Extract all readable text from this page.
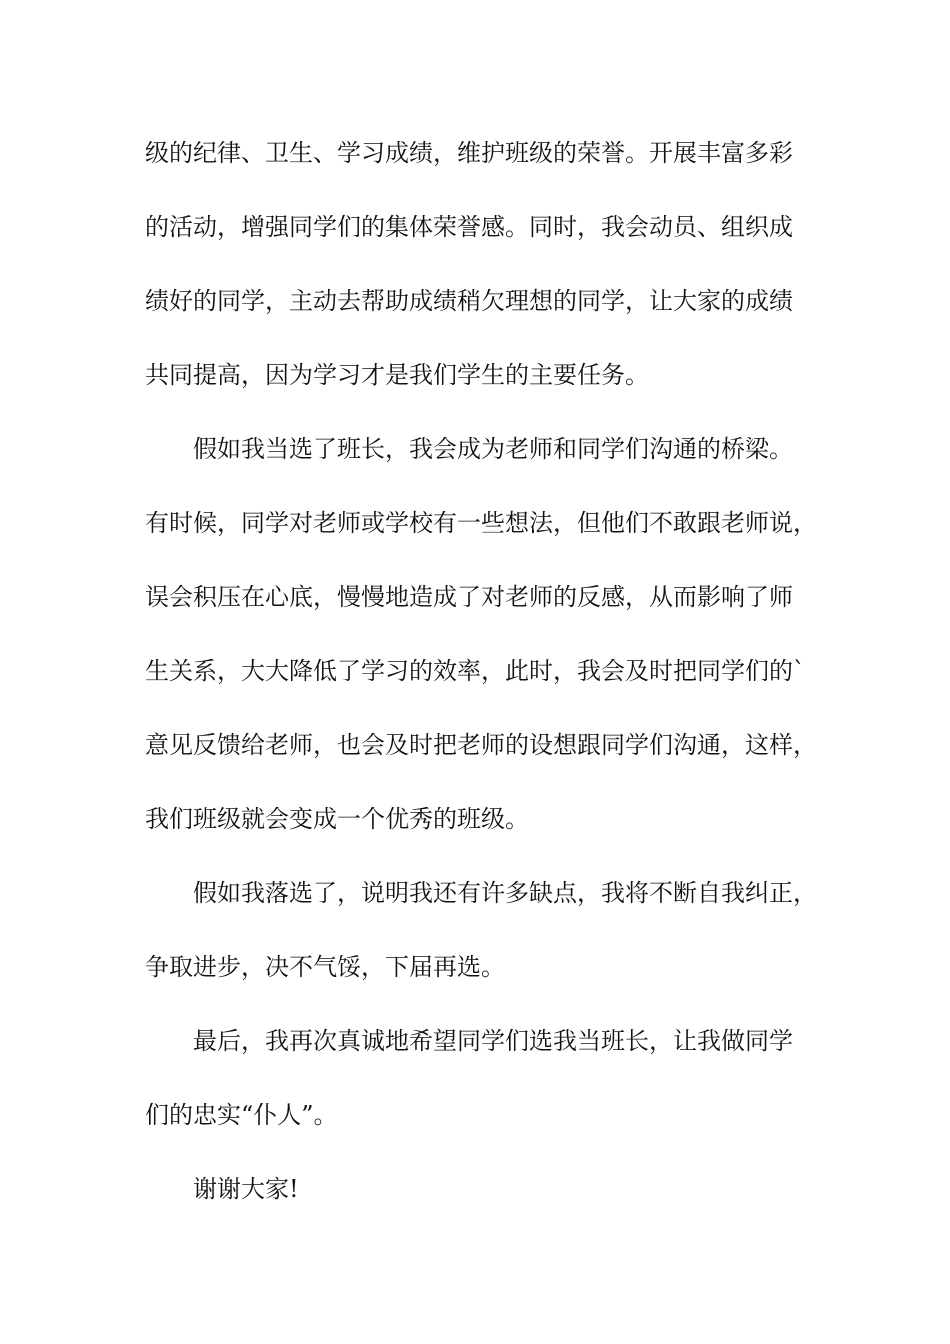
级的纪律、卫生、学习成绩，维护班级的荣誉。开展丰富多彩
的活动，增强同学们的集体荣誉感。同时，我会动员、组织成
绩好的同学，主动去帮助成绩稍欠理想的同学，让大家的成绩
共同提高，因为学习才是我们学生的主要任务。
假如我当选了班长，我会成为老师和同学们沟通的桥梁。
有时候，同学对老师或学校有一些想法，但他们不敢跟老师说，
误会积压在心底，慢慢地造成了对老师的反感，从而影响了师
生关系，大大降低了学习的效率，此时，我会及时把同学们的`
意见反馈给老师，也会及时把老师的设想跟同学们沟通，这样，
我们班级就会变成一个优秀的班级。
假如我落选了，说明我还有许多缺点，我将不断自我纠正，
争取进步，决不气馁，下届再选。
最后，我再次真诚地希望同学们选我当班长，让我做同学
们的忠实“仆人”。
谢谢大家!
